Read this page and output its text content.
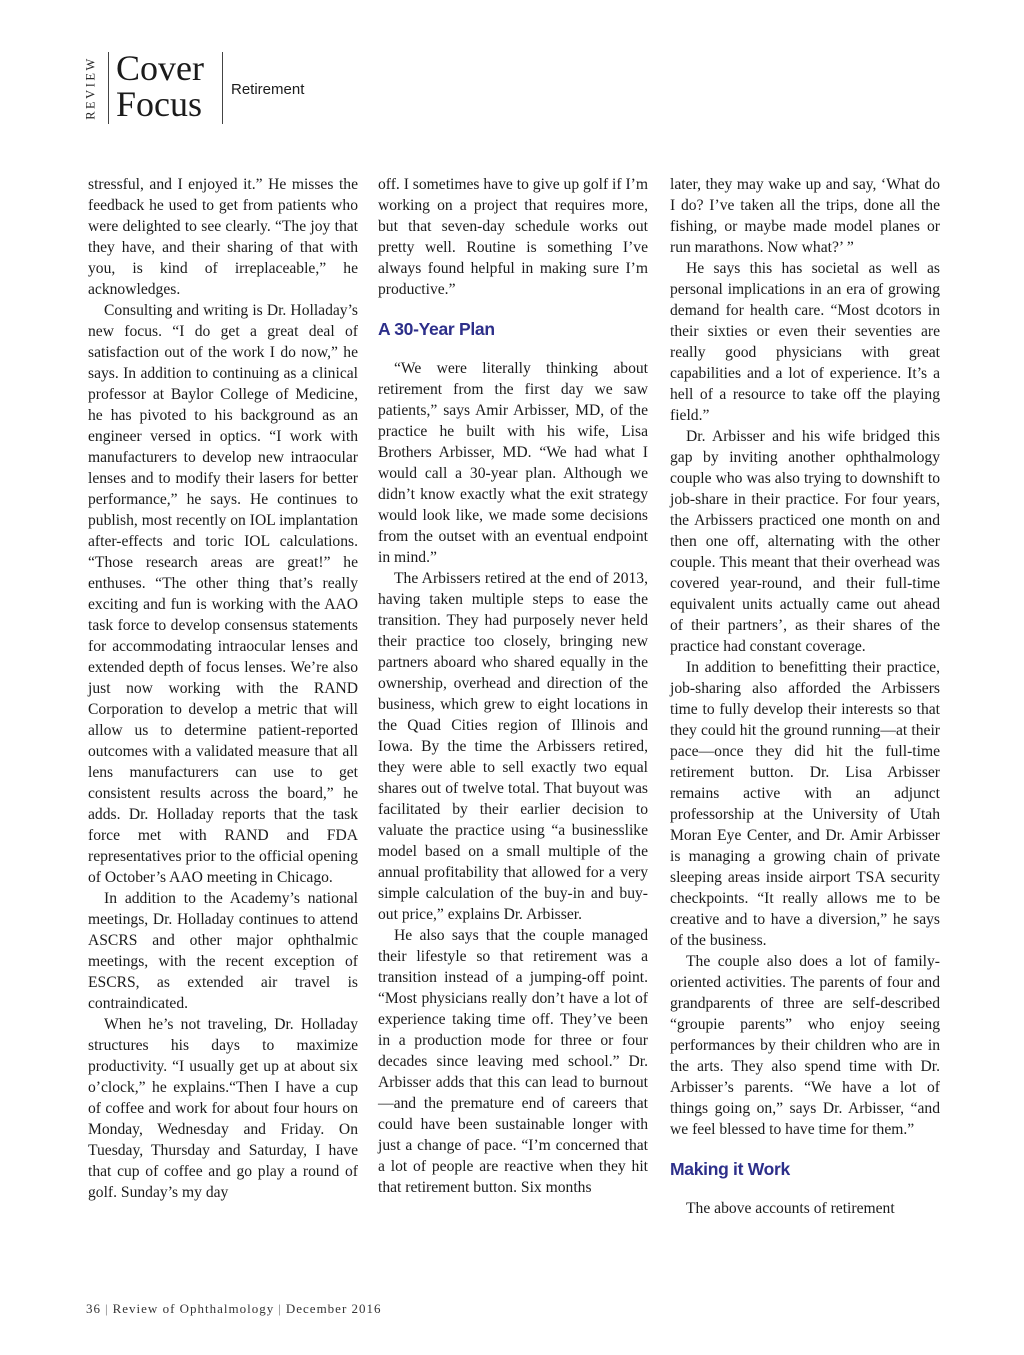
REVIEW Cover
Focus Retirement

stressful, and I enjoyed it.” He misses the feedback he used to get from patients who were delighted to see clearly. “The joy that they have, and their sharing of that with you, is kind of irreplaceable,” he acknowledges.

Consulting and writing is Dr. Holladay’s new focus. “I do get a great deal of satisfaction out of the work I do now,” he says. In addition to continuing as a clinical professor at Baylor College of Medicine, he has pivoted to his background as an engineer versed in optics. “I work with manufacturers to develop new intraocular lenses and to modify their lasers for better performance,” he says. He continues to publish, most recently on IOL implantation after-effects and toric IOL calculations. “Those research areas are great!” he enthuses. “The other thing that’s really exciting and fun is working with the AAO task force to develop consensus statements for accommodating intraocular lenses and extended depth of focus lenses. We’re also just now working with the RAND Corporation to develop a metric that will allow us to determine patient-reported outcomes with a validated measure that all lens manufacturers can use to get consistent results across the board,” he adds. Dr. Holladay reports that the task force met with RAND and FDA representatives prior to the official opening of October’s AAO meeting in Chicago.

In addition to the Academy’s national meetings, Dr. Holladay continues to attend ASCRS and other major ophthalmic meetings, with the recent exception of ESCRS, as extended air travel is contraindicated.

When he’s not traveling, Dr. Holladay structures his days to maximize productivity. “I usually get up at about six o’clock,” he explains.“Then I have a cup of coffee and work for about four hours on Monday, Wednesday and Friday. On Tuesday, Thursday and Saturday, I have that cup of coffee and go play a round of golf. Sunday’s my day

off. I sometimes have to give up golf if I’m working on a project that requires more, but that seven-day schedule works out pretty well. Routine is something I’ve always found helpful in making sure I’m productive.”

A 30-Year Plan

“We were literally thinking about retirement from the first day we saw patients,” says Amir Arbisser, MD, of the practice he built with his wife, Lisa Brothers Arbisser, MD. “We had what I would call a 30-year plan. Although we didn’t know exactly what the exit strategy would look like, we made some decisions from the outset with an eventual endpoint in mind.”

The Arbissers retired at the end of 2013, having taken multiple steps to ease the transition. They had purposely never held their practice too closely, bringing new partners aboard who shared equally in the ownership, overhead and direction of the business, which grew to eight locations in the Quad Cities region of Illinois and Iowa. By the time the Arbissers retired, they were able to sell exactly two equal shares out of twelve total. That buyout was facilitated by their earlier decision to valuate the practice using “a businesslike model based on a small multiple of the annual profitability that allowed for a very simple calculation of the buy-in and buy-out price,” explains Dr. Arbisser.

He also says that the couple managed their lifestyle so that retirement was a transition instead of a jumping-off point. “Most physicians really don’t have a lot of experience taking time off. They’ve been in a production mode for three or four decades since leaving med school.” Dr. Arbisser adds that this can lead to burnout—and the premature end of careers that could have been sustainable longer with just a change of pace. “I’m concerned that a lot of people are reactive when they hit that retirement button. Six months

later, they may wake up and say, ‘What do I do? I’ve taken all the trips, done all the fishing, or maybe made model planes or run marathons. Now what?’ ”

He says this has societal as well as personal implications in an era of growing demand for health care. “Most dcotors in their sixties or even their seventies are really good physicians with great capabilities and a lot of experience. It’s a hell of a resource to take off the playing field.”

Dr. Arbisser and his wife bridged this gap by inviting another ophthalmology couple who was also trying to downshift to job-share in their practice. For four years, the Arbissers practiced one month on and then one off, alternating with the other couple. This meant that their overhead was covered year-round, and their full-time equivalent units actually came out ahead of their partners’, as their shares of the practice had constant coverage.

In addition to benefitting their practice, job-sharing also afforded the Arbissers time to fully develop their interests so that they could hit the ground running—at their pace—once they did hit the full-time retirement button. Dr. Lisa Arbisser remains active with an adjunct professorship at the University of Utah Moran Eye Center, and Dr. Amir Arbisser is managing a growing chain of private sleeping areas inside airport TSA security checkpoints. “It really allows me to be creative and to have a diversion,” he says of the business.

The couple also does a lot of family-oriented activities. The parents of four and grandparents of three are self-described “groupie parents” who enjoy seeing performances by their children who are in the arts. They also spend time with Dr. Arbisser’s parents. “We have a lot of things going on,” says Dr. Arbisser, “and we feel blessed to have time for them.”

Making it Work

The above accounts of retirement

36 | Review of Ophthalmology | December 2016
